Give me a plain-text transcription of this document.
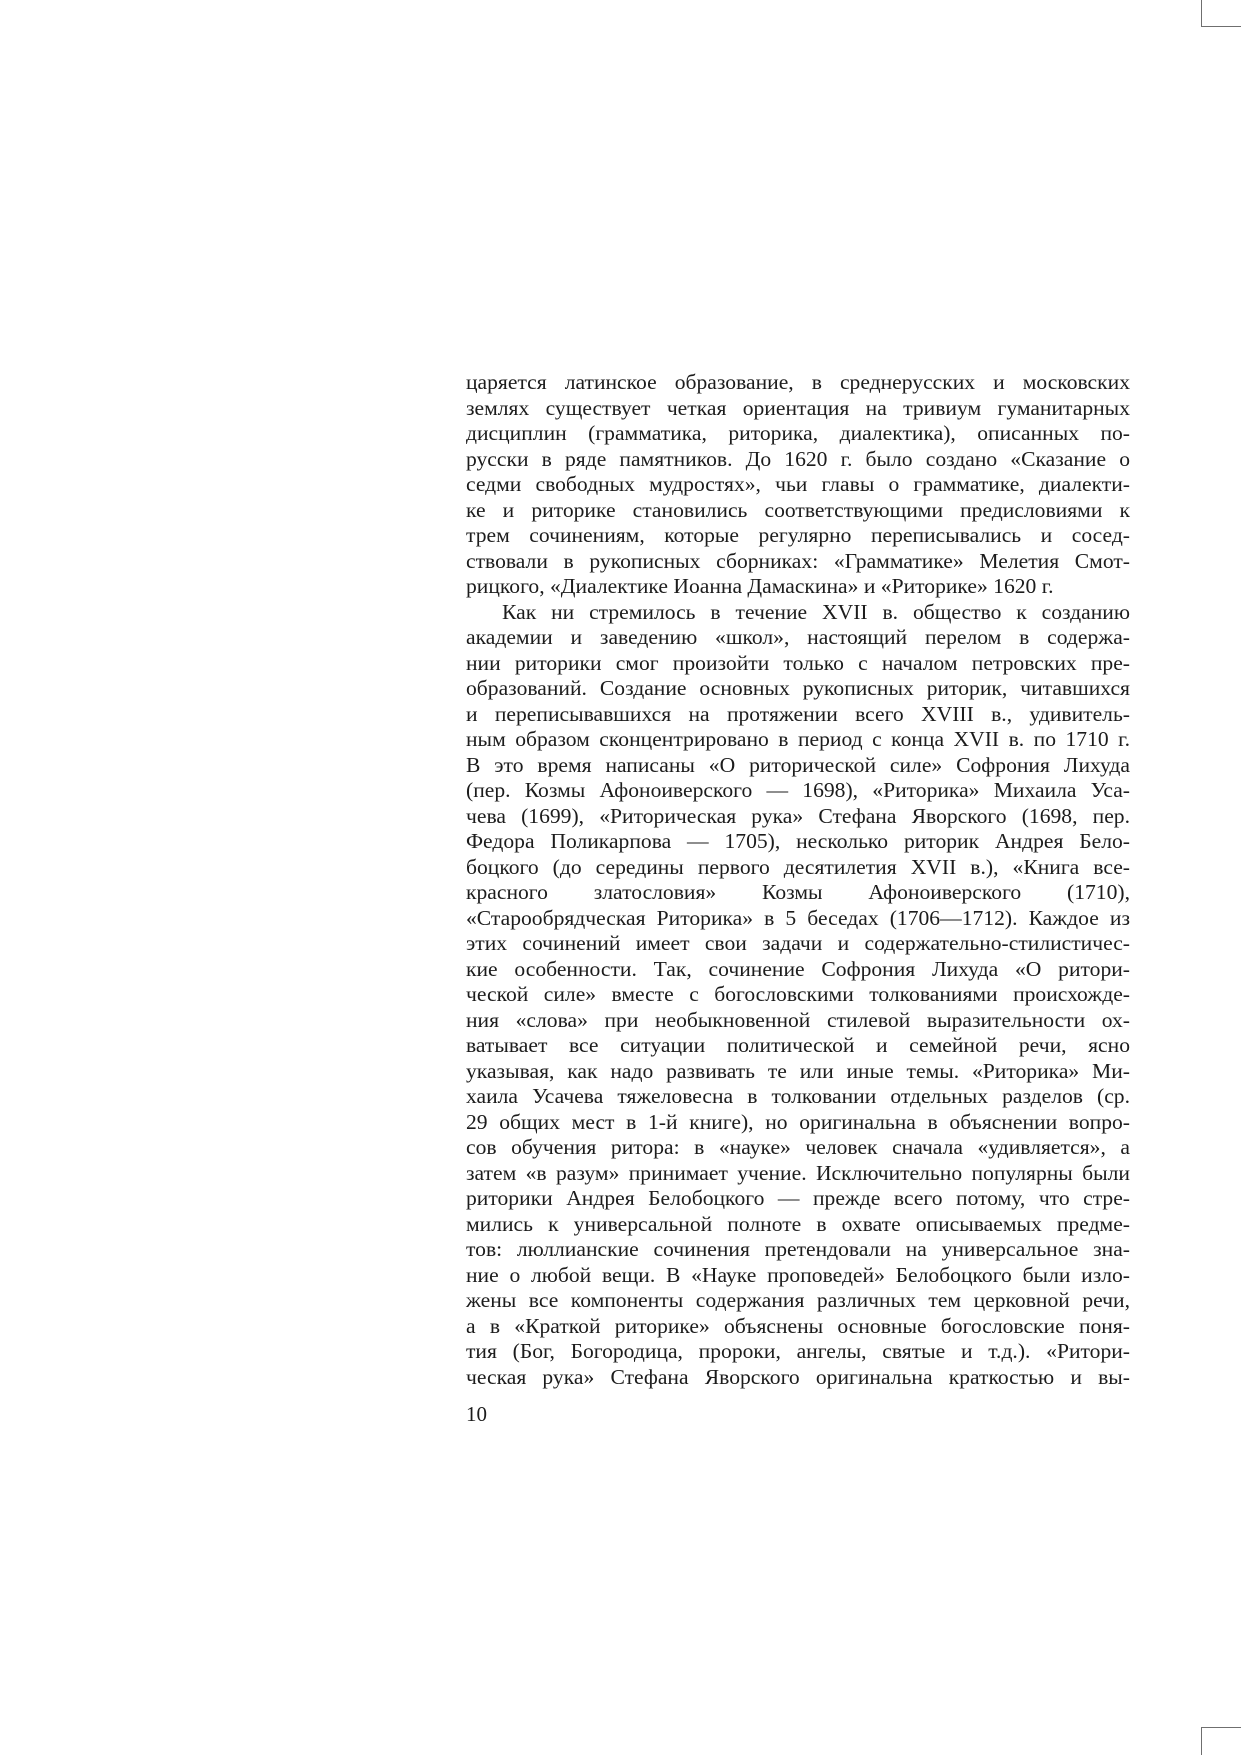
царяется латинское образование, в среднерусских и московских
землях существует четкая ориентация на тривиум гуманитарных
дисциплин (грамматика, риторика, диалектика), описанных по-
русски в ряде памятников. До 1620 г. было создано «Сказание о
седми свободных мудростях», чьи главы о грамматике, диалекти-
ке и риторике становились соответствующими предисловиями к
трем сочинениям, которые регулярно переписывались и сосед-
ствовали в рукописных сборниках: «Грамматике» Мелетия Смот-
рицкого, «Диалектике Иоанна Дамаскина» и «Риторике» 1620 г.
Как ни стремилось в течение XVII в. общество к созданию
академии и заведению «школ», настоящий перелом в содержа-
нии риторики смог произойти только с началом петровских пре-
образований. Создание основных рукописных риторик, читавшихся
и переписывавшихся на протяжении всего XVIII в., удивитель-
ным образом сконцентрировано в период с конца XVII в. по 1710 г.
В это время написаны «О риторической силе» Софрония Лихуда
(пер. Козмы Афоноиверского — 1698), «Риторика» Михаила Уса-
чева (1699), «Риторическая рука» Стефана Яворского (1698, пер.
Федора Поликарпова — 1705), несколько риторик Андрея Бело-
боцкого (до середины первого десятилетия XVII в.), «Книга все-
красного златословия» Козмы Афоноиверского (1710),
«Старообрядческая Риторика» в 5 беседах (1706—1712). Каждое из
этих сочинений имеет свои задачи и содержательно-стилистичес-
кие особенности. Так, сочинение Софрония Лихуда «О ритори-
ческой силе» вместе с богословскими толкованиями происхожде-
ния «слова» при необыкновенной стилевой выразительности ох-
ватывает все ситуации политической и семейной речи, ясно
указывая, как надо развивать те или иные темы. «Риторика» Ми-
хаила Усачева тяжеловесна в толковании отдельных разделов (ср.
29 общих мест в 1-й книге), но оригинальна в объяснении вопро-
сов обучения ритора: в «науке» человек сначала «удивляется», а
затем «в разум» принимает учение. Исключительно популярны были
риторики Андрея Белобоцкого — прежде всего потому, что стре-
мились к универсальной полноте в охвате описываемых предме-
тов: люллианские сочинения претендовали на универсальное зна-
ние о любой вещи. В «Науке проповедей» Белобоцкого были изло-
жены все компоненты содержания различных тем церковной речи,
а в «Краткой риторике» объяснены основные богословские поня-
тия (Бог, Богородица, пророки, ангелы, святые и т.д.). «Ритори-
ческая рука» Стефана Яворского оригинальна краткостью и вы-
10
